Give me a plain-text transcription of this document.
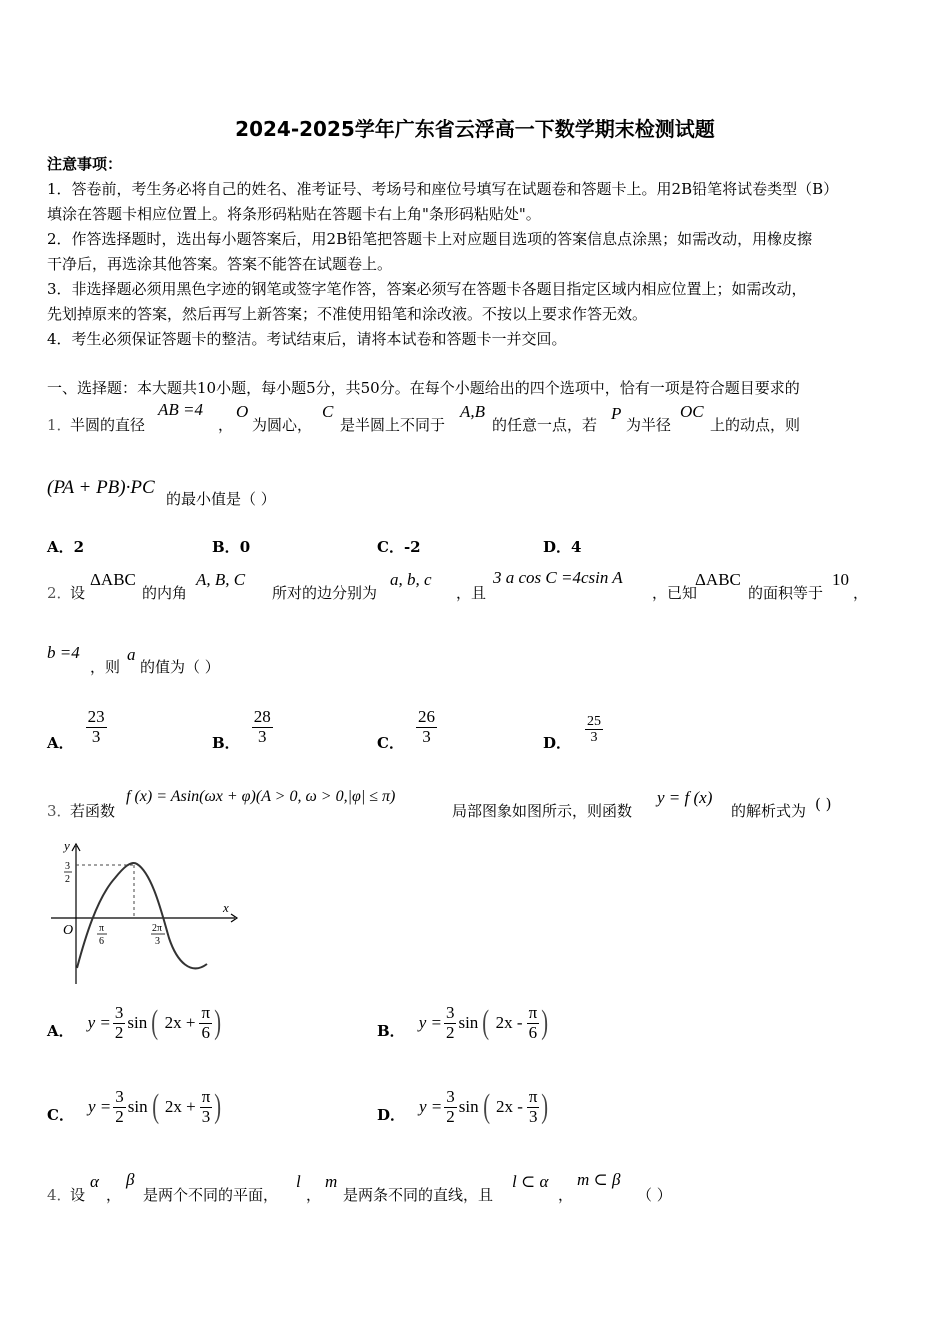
2024-2025学年广东省云浮高一下数学期末检测试题
注意事项：
1．答卷前，考生务必将自己的姓名、准考证号、考场号和座位号填写在试题卷和答题卡上。用2B铅笔将试卷类型（B）
填涂在答题卡相应位置上。将条形码粘贴在答题卡右上角"条形码粘贴处"。
2．作答选择题时，选出每小题答案后，用2B铅笔把答题卡上对应题目选项的答案信息点涂黑；如需改动，用橡皮擦
干净后，再选涂其他答案。答案不能答在试题卷上。
3．非选择题必须用黑色字迹的钢笔或签字笔作答，答案必须写在答题卡各题目指定区域内相应位置上；如需改动，
先划掉原来的答案，然后再写上新答案；不准使用铅笔和涂改液。不按以上要求作答无效。
4．考生必须保证答题卡的整洁。考试结束后，请将本试卷和答题卡一并交回。
一、选择题：本大题共10小题，每小题5分，共50分。在每个小题给出的四个选项中，恰有一项是符合题目要求的
1．
半圆的直径
AB =4
，
O
为圆心，
C
是半圆上不同于
A,B
的任意一点，若
P
为半径
OC
上的动点，则
(PA + PB)·PC
的最小值是（ ）
A．2	B．0	C．-2	D．4
2．
设
ΔABC
的内角
A, B, C
所对的边分别为
a, b, c
，且
3 a cos C =4csin A
，已知
ΔABC
的面积等于
10
，
b =4
，则
a
的值为（ ）
A． $\frac{23}{3}$	B． $\frac{28}{3}$	C． $\frac{26}{3}$	D． $\frac{25}{3}$
3．
若函数
f (x) = Asin(ωx + φ)(A > 0, ω > 0,|φ| ≤ π)
局部图象如图所示，则函数
y = f (x)
的解析式为 ( )
y
x
O
3
2
π
6
2π
3
A． $y = \frac{3}{2}$ sin ( $2x + \frac{\pi}{6}$ )	B． $y = \frac{3}{2}$ sin ( $2x - \frac{\pi}{6}$ )
C． $y = \frac{3}{2}$ sin ( $2x + \frac{\pi}{3}$ )	D． $y = \frac{3}{2}$ sin ( $2x - \frac{\pi}{3}$ )
4．
设
α
，
β
是两个不同的平面，
l
，
m
是两条不同的直线，且
l ⊂ α
，
m ⊂ β
（ ）
